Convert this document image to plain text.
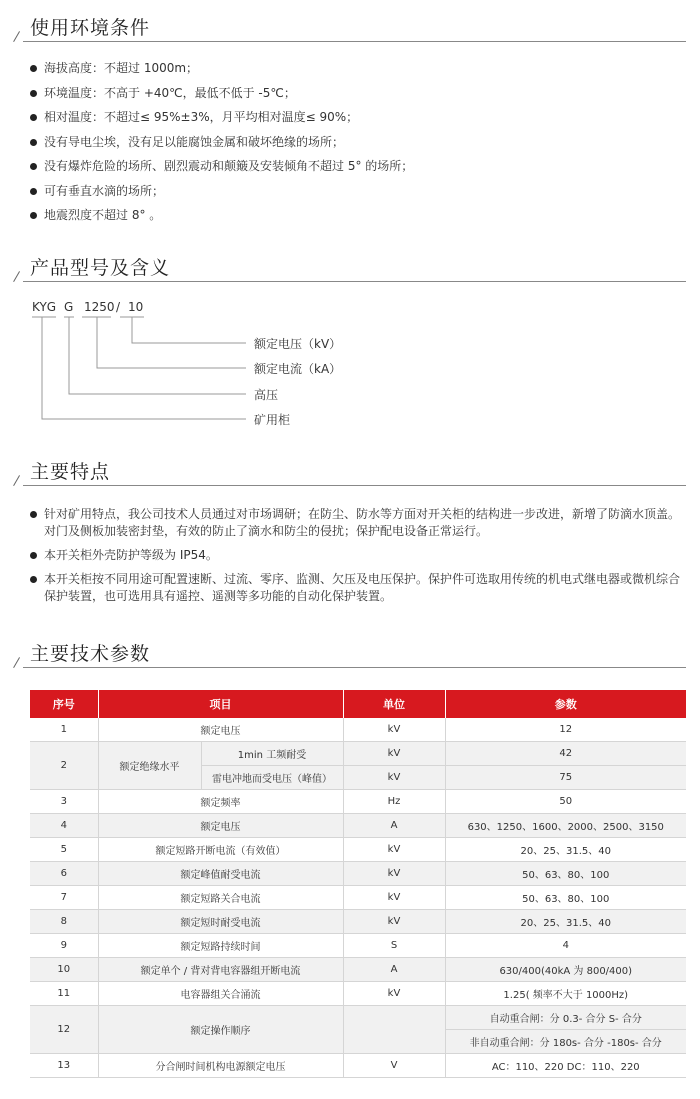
使用环境条件
海拔高度：不超过 1000m；
环境温度：不高于 +40℃，最低不低于 -5℃；
相对温度：不超过≤ 95%±3%，月平均相对温度≤ 90%；
没有导电尘埃，没有足以能腐蚀金属和破坏绝缘的场所；
没有爆炸危险的场所、剧烈震动和颠簸及安装倾角不超过 5° 的场所；
可有垂直水滴的场所；
地震烈度不超过 8° 。
产品型号及含义
KYG G 1250 / 10
额定电压（kV）
额定电流（kA）
高压
矿用柜
主要特点
针对矿用特点，我公司技术人员通过对市场调研；在防尘、防水等方面对开关柜的结构进一步改进，新增了防滴水顶盖。对门及侧板加装密封垫，有效的防止了滴水和防尘的侵扰；保护配电设备正常运行。
本开关柜外壳防护等级为 IP54。
本开关柜按不同用途可配置速断、过流、零序、监测、欠压及电压保护。保护件可选取用传统的机电式继电器或微机综合保护装置，也可选用具有遥控、遥测等多功能的自动化保护装置。
主要技术参数
序号	项目		单位	参数
1	额定电压		kV	12
2	额定绝缘水平	1min 工频耐受	kV	42
		雷电冲地而受电压（峰值）	kV	75
3	额定频率		Hz	50
4	额定电压		A	630、1250、1600、2000、2500、3150
5	额定短路开断电流（有效值）		kV	20、25、31.5、40
6	额定峰值耐受电流		kV	50、63、80、100
7	额定短路关合电流		kV	50、63、80、100
8	额定短时耐受电流		kV	20、25、31.5、40
9	额定短路持续时间		S	4
10	额定单个 / 背对背电容器组开断电流		A	630/400(40kA 为 800/400)
11	电容器组关合涌流		kV	1.25( 频率不大于 1000Hz)
12	额定操作顺序			自动重合闸：分 0.3- 合分 S- 合分
				非自动重合闸：分 180s- 合分 -180s- 合分
13	分合闸时间机构电源额定电压		V	AC：110、220 DC：110、220
